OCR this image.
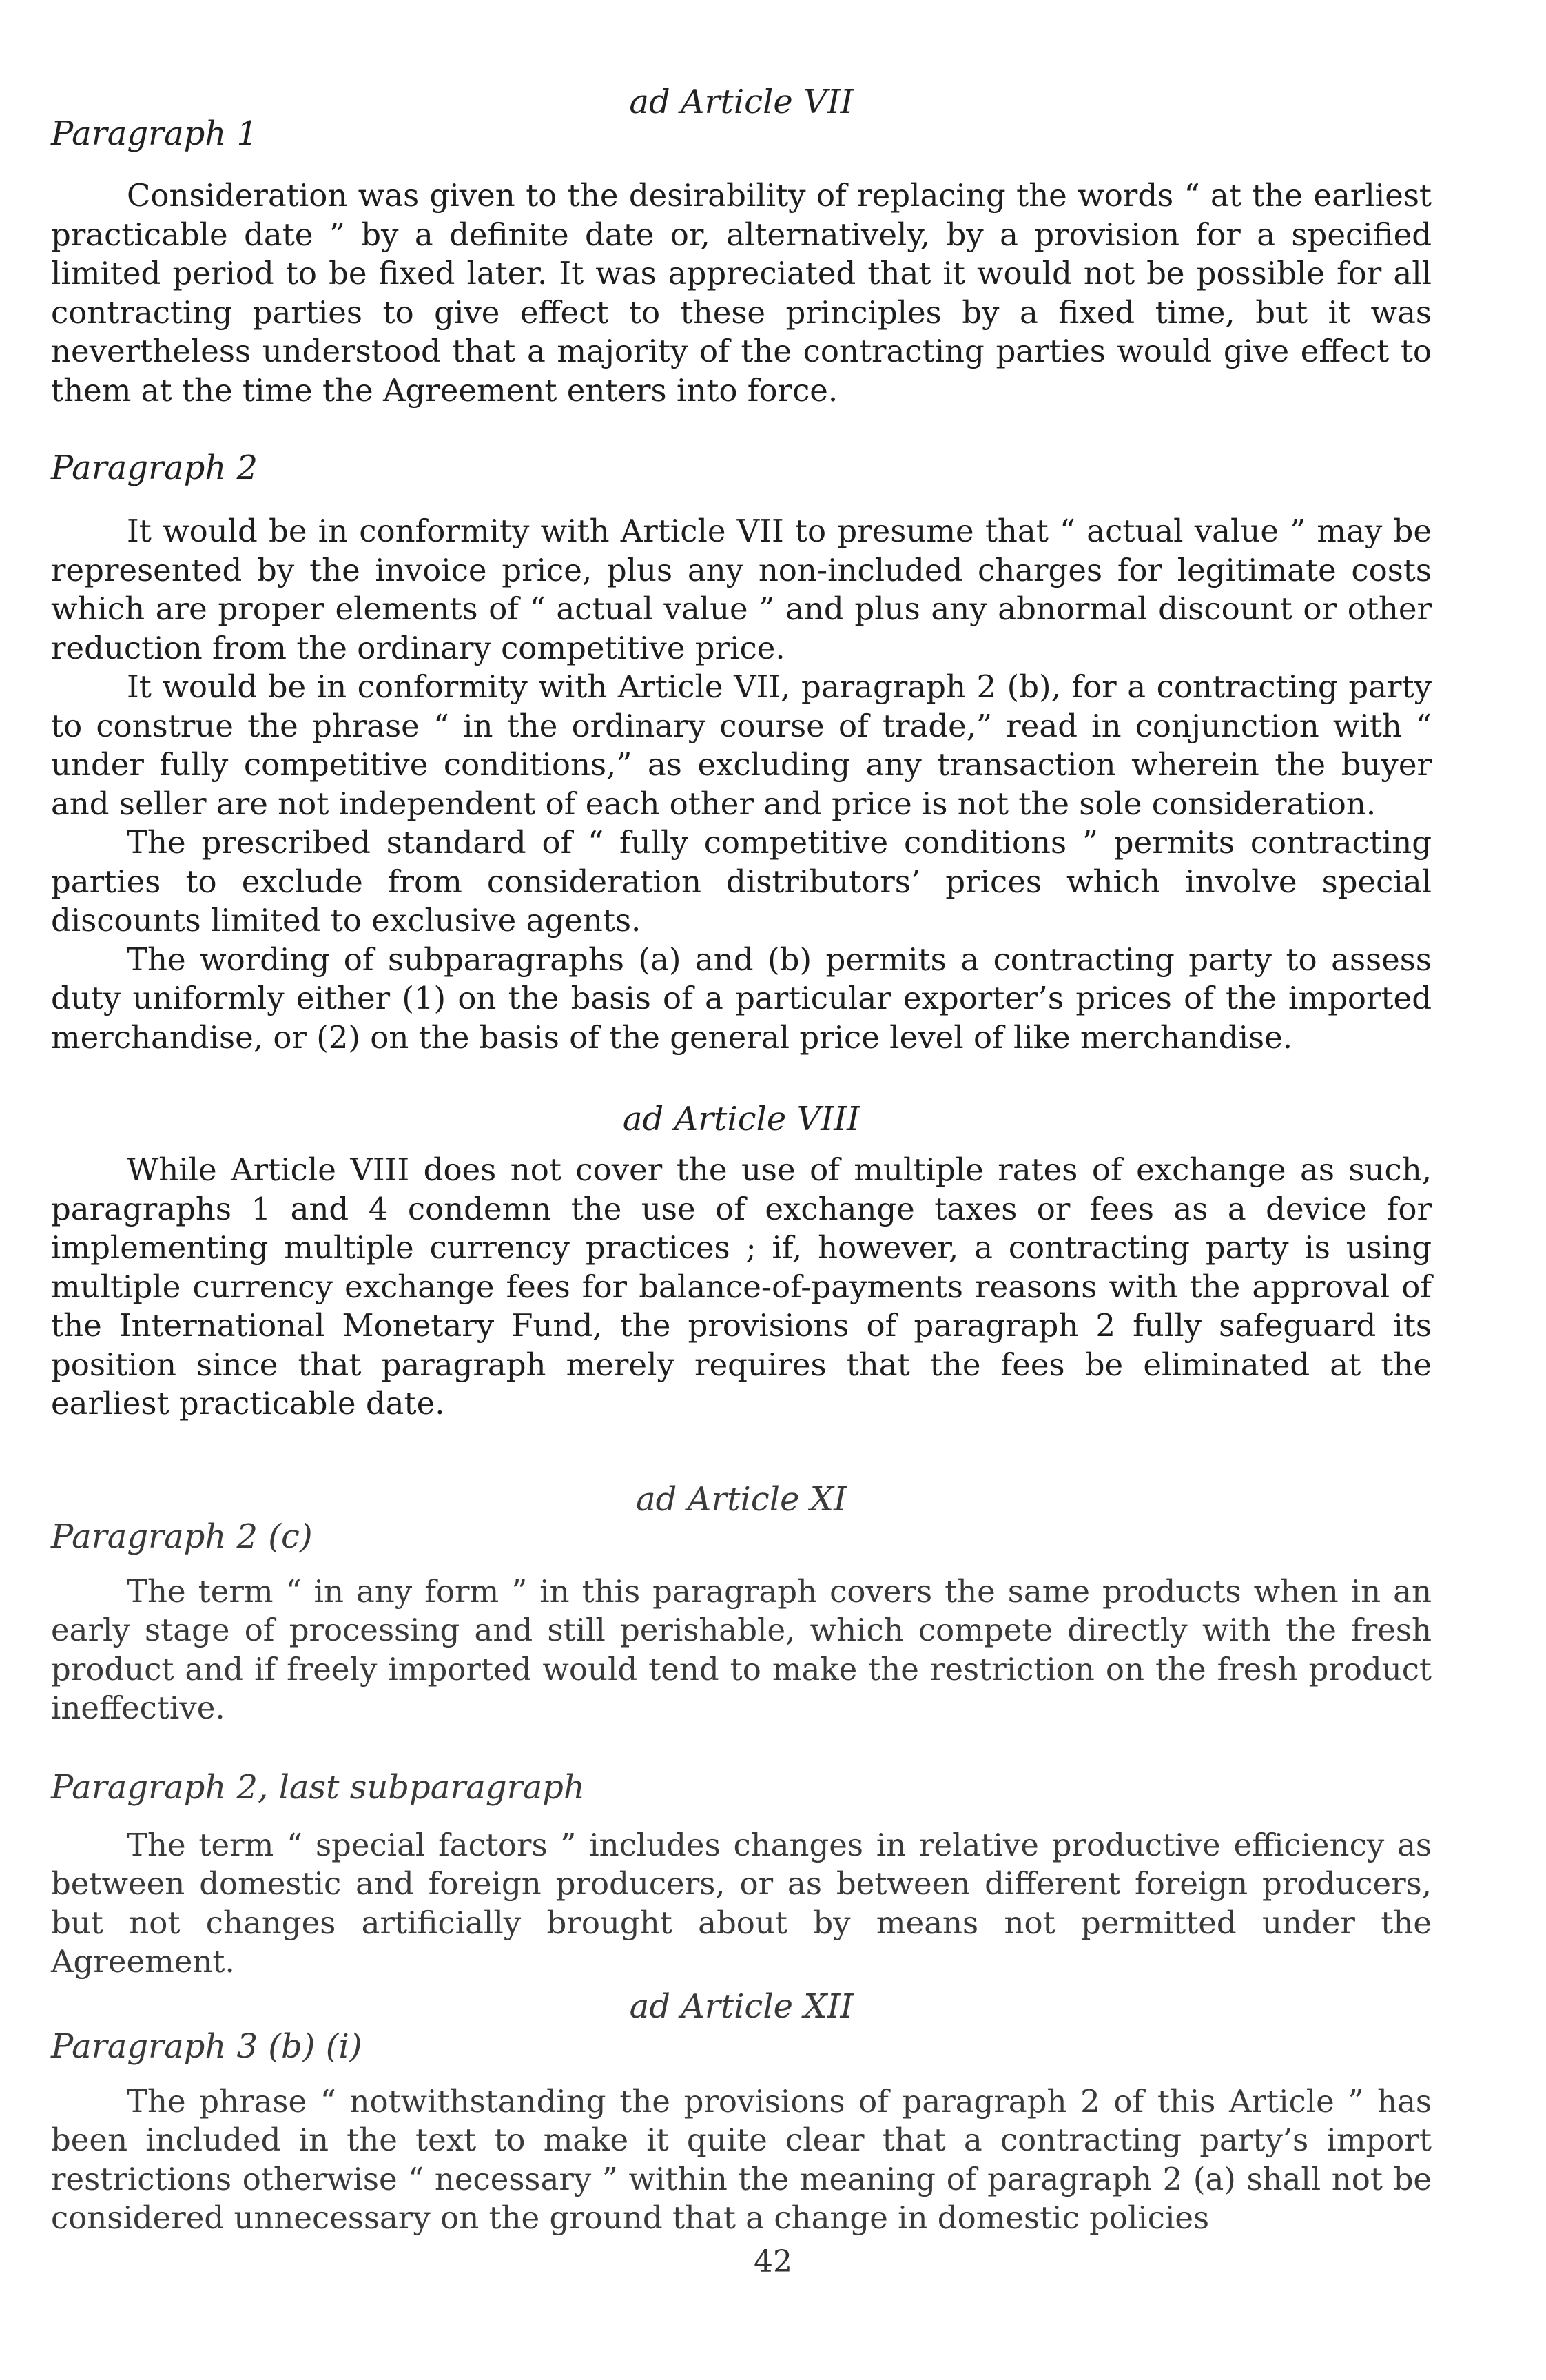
ad Article VII

Paragraph 1

Consideration was given to the desirability of replacing the words “ at the earliest practicable date ” by a definite date or, alternatively, by a provision for a specified limited period to be fixed later. It was appreciated that it would not be possible for all contracting parties to give effect to these principles by a fixed time, but it was nevertheless understood that a majority of the contracting parties would give effect to them at the time the Agreement enters into force.

Paragraph 2

It would be in conformity with Article VII to presume that “ actual value ” may be represented by the invoice price, plus any non-included charges for legitimate costs which are proper elements of “ actual value ” and plus any abnormal discount or other reduction from the ordinary competitive price.

It would be in conformity with Article VII, paragraph 2 (b), for a contracting party to construe the phrase “ in the ordinary course of trade,” read in conjunction with “ under fully competitive conditions,” as excluding any transaction wherein the buyer and seller are not independent of each other and price is not the sole consideration.

The prescribed standard of “ fully competitive conditions ” permits contracting parties to exclude from consideration distributors’ prices which involve special discounts limited to exclusive agents.

The wording of subparagraphs (a) and (b) permits a contracting party to assess duty uniformly either (1) on the basis of a particular exporter’s prices of the imported merchandise, or (2) on the basis of the general price level of like merchandise.

ad Article VIII

While Article VIII does not cover the use of multiple rates of exchange as such, paragraphs 1 and 4 condemn the use of exchange taxes or fees as a device for implementing multiple currency practices ; if, however, a contracting party is using multiple currency exchange fees for balance-of-payments reasons with the approval of the International Monetary Fund, the provisions of paragraph 2 fully safeguard its position since that paragraph merely requires that the fees be eliminated at the earliest practicable date.

ad Article XI

Paragraph 2 (c)

The term “ in any form ” in this paragraph covers the same products when in an early stage of processing and still perishable, which compete directly with the fresh product and if freely imported would tend to make the restriction on the fresh product ineffective.

Paragraph 2, last subparagraph

The term “ special factors ” includes changes in relative productive efficiency as between domestic and foreign producers, or as between different foreign producers, but not changes artificially brought about by means not permitted under the Agreement.

ad Article XII

Paragraph 3 (b) (i)

The phrase “ notwithstanding the provisions of paragraph 2 of this Article ” has been included in the text to make it quite clear that a contracting party’s import restrictions otherwise “ necessary ” within the meaning of paragraph 2 (a) shall not be considered unnecessary on the ground that a change in domestic policies

42
